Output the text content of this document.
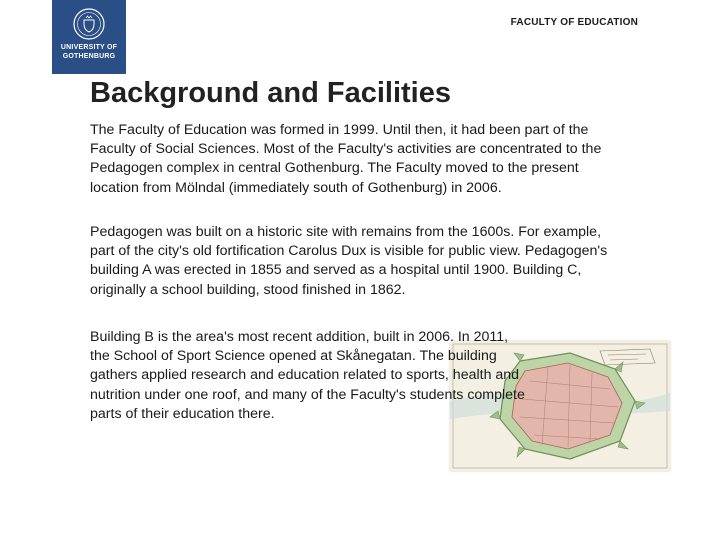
UNIVERSITY OF
GOTHENBURG
FACULTY OF EDUCATION
Background and Facilities

The Faculty of Education was formed in 1999. Until then, it had been part of the Faculty of Social Sciences. Most of the Faculty's activities are concentrated to the Pedagogen complex in central Gothenburg. The Faculty moved to the present location from Mölndal (immediately south of Gothenburg) in 2006.

Pedagogen was built on a historic site with remains from the 1600s. For example, part of the city's old fortification Carolus Dux is visible for public view. Pedagogen's building A was erected in 1855 and served as a hospital until 1900. Building C, originally a school building, stood finished in 1862.

Building B is the area's most recent addition, built in 2006. In 2011, the School of Sport Science opened at Skånegatan. The building gathers applied research and education related to sports, health and nutrition under one roof, and many of the Faculty's students complete parts of their education there.
